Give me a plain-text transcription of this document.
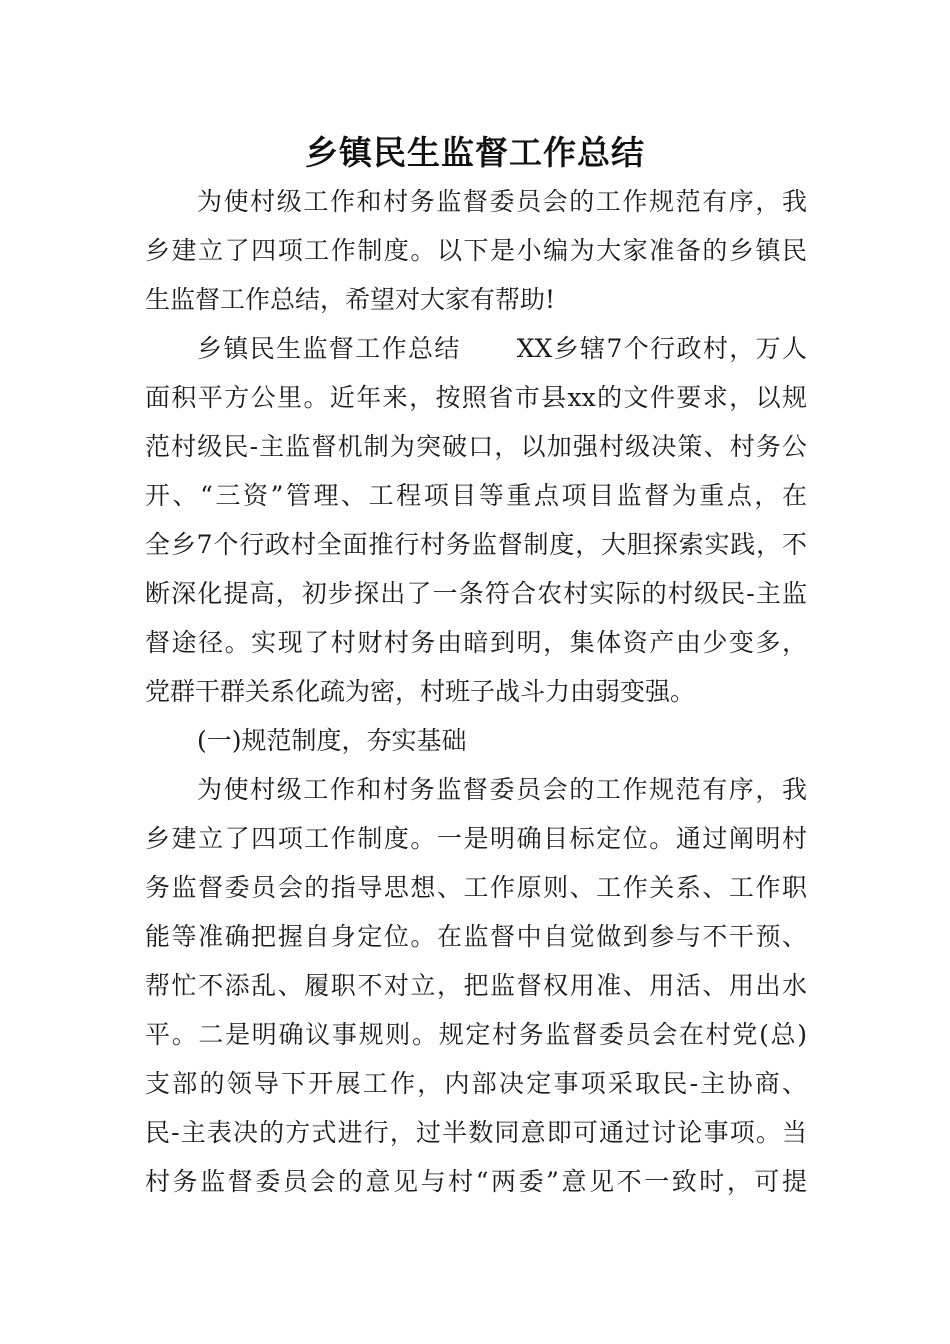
乡镇民生监督工作总结
为使村级工作和村务监督委员会的工作规范有序，我
乡建立了四项工作制度。以下是小编为大家准备的乡镇民
生监督工作总结，希望对大家有帮助!
乡镇民生监督工作总结 XX乡辖7个行政村，万人
面积平方公里。近年来，按照省市县xx的文件要求，以规
范村级民-主监督机制为突破口，以加强村级决策、村务公
开、“三资”管理、工程项目等重点项目监督为重点，在
全乡7个行政村全面推行村务监督制度，大胆探索实践，不
断深化提高，初步探出了一条符合农村实际的村级民-主监
督途径。实现了村财村务由暗到明，集体资产由少变多，
党群干群关系化疏为密，村班子战斗力由弱变强。
(一)规范制度，夯实基础
为使村级工作和村务监督委员会的工作规范有序，我
乡建立了四项工作制度。一是明确目标定位。通过阐明村
务监督委员会的指导思想、工作原则、工作关系、工作职
能等准确把握自身定位。在监督中自觉做到参与不干预、
帮忙不添乱、履职不对立，把监督权用准、用活、用出水
平。二是明确议事规则。规定村务监督委员会在村党(总)
支部的领导下开展工作，内部决定事项采取民-主协商、
民-主表决的方式进行，过半数同意即可通过讨论事项。当
村务监督委员会的意见与村“两委”意见不一致时，可提
